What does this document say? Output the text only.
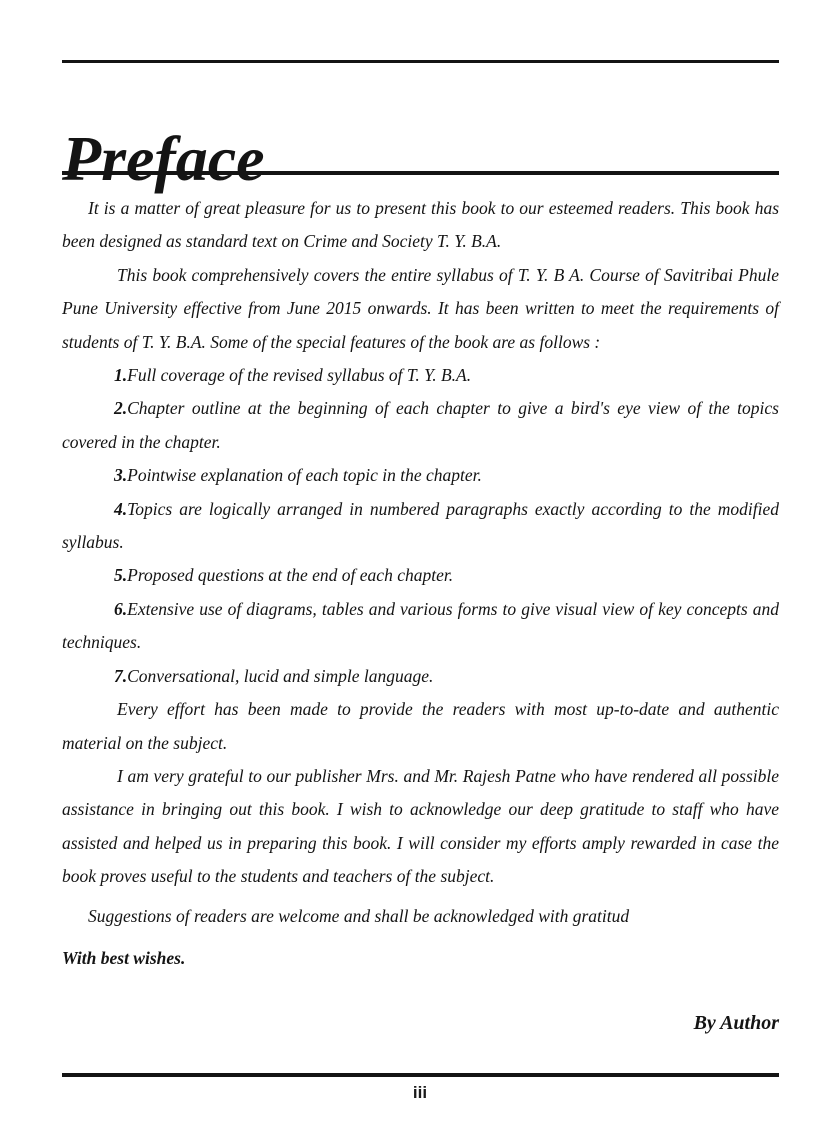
Preface

It is a matter of great pleasure for us to present this book to our esteemed readers. This book has been designed as standard text on Crime and Society T. Y. B.A.

This book comprehensively covers the entire syllabus of T. Y. B A. Course of Savitribai Phule Pune University effective from June 2015 onwards. It has been written to meet the requirements of students of T. Y. B.A. Some of the special features of the book are as follows :

1.Full coverage of the revised syllabus of T. Y. B.A.

2.Chapter outline at the beginning of each chapter to give a bird's eye view of the topics covered in the chapter.

3.Pointwise explanation of each topic in the chapter.

4.Topics are logically arranged in numbered paragraphs exactly according to the modified syllabus.

5.Proposed questions at the end of each chapter.

6.Extensive use of diagrams, tables and various forms to give visual view of key concepts and techniques.

7.Conversational, lucid and simple language.

Every effort has been made to provide the readers with most up-to-date and authentic material on the subject.

I am very grateful to our publisher Mrs. and Mr. Rajesh Patne who have rendered all possible assistance in bringing out this book. I wish to acknowledge our deep gratitude to staff who have assisted and helped us in preparing this book. I will consider my efforts amply rewarded in case the book proves useful to the students and teachers of the subject.

Suggestions of readers are welcome and shall be acknowledged with gratitud

With best wishes.

By Author
iii
